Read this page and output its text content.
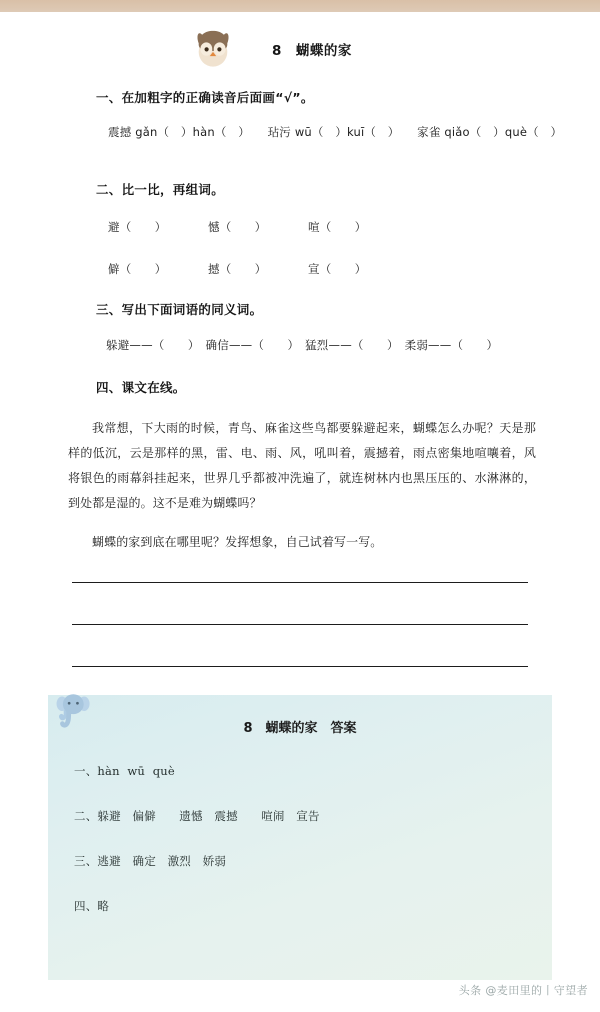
8　蝴蝶的家
一、在加粗字的正确读音后面画“√”。
震撼 gǎn（　）hàn（　）　　玷污 wū（　）kuī（　）　　家雀 qiǎo（　）què（　）
二、比一比，再组词。
避（　　）	憾（　　）	喧（　　）
僻（　　）	撼（　　）	宣（　　）
三、写出下面词语的同义词。
躲避——（　　）　确信——（　　）　猛烈——（　　）　柔弱——（　　）
四、课文在线。
我常想，下大雨的时候，青鸟、麻雀这些鸟都要躲避起来，蝴蝶怎么办呢？天是那样的低沉，云是那样的黑，雷、电、雨、风，吼叫着，震撼着，雨点密集地喧嚷着，风将银色的雨幕斜挂起来，世界几乎都被冲洗遍了，就连树林内也黑压压的、水淋淋的，到处都是湿的。这不是难为蝴蝶吗？
蝴蝶的家到底在哪里呢？发挥想象，自己试着写一写。
8　蝴蝶的家　答案
一、hàn  wū  què
二、躲避　偏僻　　遗憾　震撼　　喧闹　宣告
三、逃避　确定　激烈　娇弱
四、略
头条 @麦田里的丨守望者
